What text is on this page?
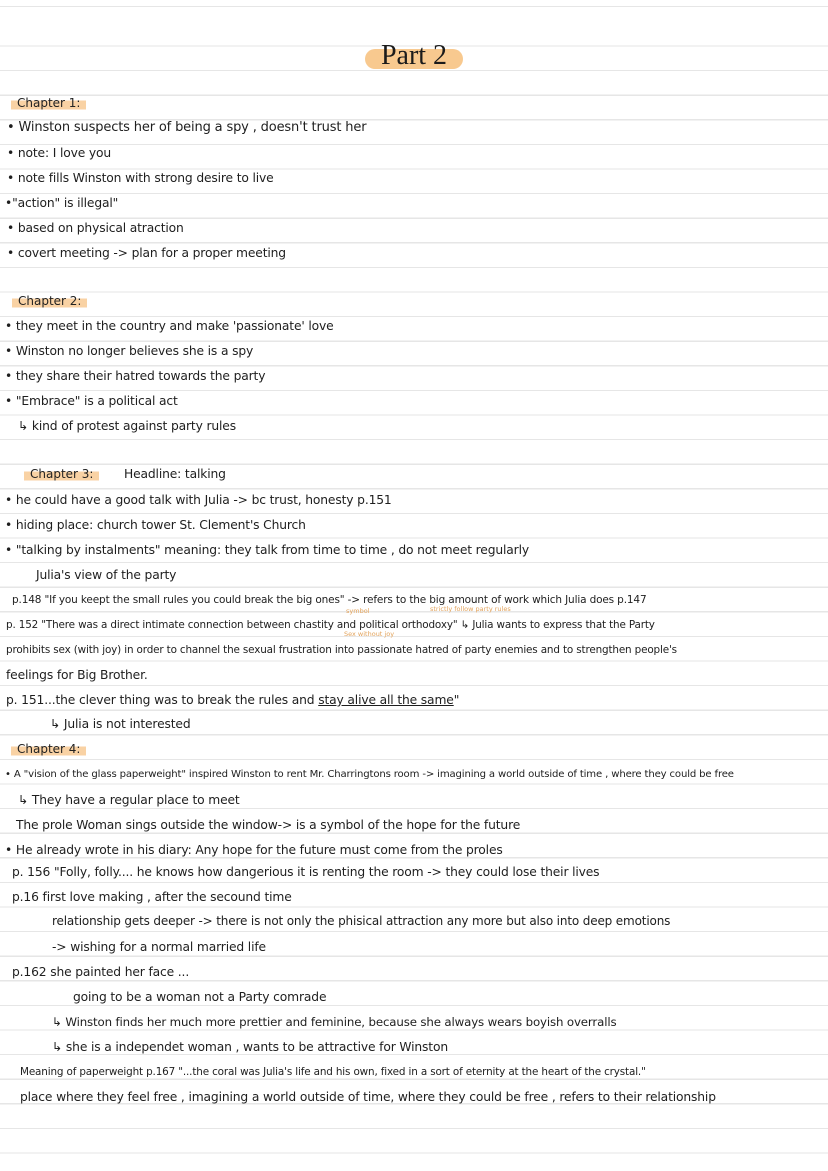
Part 2
Chapter 1:
• Winston suspects her of being a spy , doesn't trust her
• note: I love you
• note fills Winston with strong desire to live
•"action" is illegal"
• based on physical atraction
• covert meeting -> plan for a proper meeting
Chapter 2:
• they meet in the country and make 'passionate' love
• Winston no longer believes she is a spy
• they share their hatred towards the party
• "Embrace" is a political act
↳ kind of protest against party rules
Chapter 3:	Headline: talking
• he could have a good talk with Julia -> bc trust, honesty p.151
• hiding place: church tower St. Clement's Church
• "talking by instalments" meaning: they talk from time to time , do not meet regularly
Julia's view of the party
p.148 "If you keept the small rules you could break the big ones" -> refers to the big amount of work which Julia does p.147
symbol	strictly follow party rules
p. 152 "There was a direct intimate connection between chastity and political orthodoxy" ↳ Julia wants to express that the Party
Sex without joy
prohibits sex (with joy) in order to channel the sexual frustration into passionate hatred of party enemies and to strengthen people's
feelings for Big Brother.
p. 151...the clever thing was to break the rules and stay alive all the same"
↳ Julia is not interested
Chapter 4:
• A "vision of the glass paperweight" inspired Winston to rent Mr. Charringtons room -> imagining a world outside of time , where they could be free
↳ They have a regular place to meet
The prole Woman sings outside the window-> is a symbol of the hope for the future
• He already wrote in his diary: Any hope for the future must come from the proles
p. 156 "Folly, folly.... he knows how dangerious it is renting the room -> they could lose their lives
p.16 first love making , after the secound time
relationship gets deeper -> there is not only the phisical attraction any more but also into deep emotions
-> wishing for a normal married life
p.162 she painted her face ...
going to be a woman not a Party comrade
↳ Winston finds her much more prettier and feminine, because she always wears boyish overralls
↳ she is a independet woman , wants to be attractive for Winston
Meaning of paperweight p.167 "...the coral was Julia's life and his own, fixed in a sort of eternity at the heart of the crystal."
place where they feel free , imagining a world outside of time, where they could be free , refers to their relationship
